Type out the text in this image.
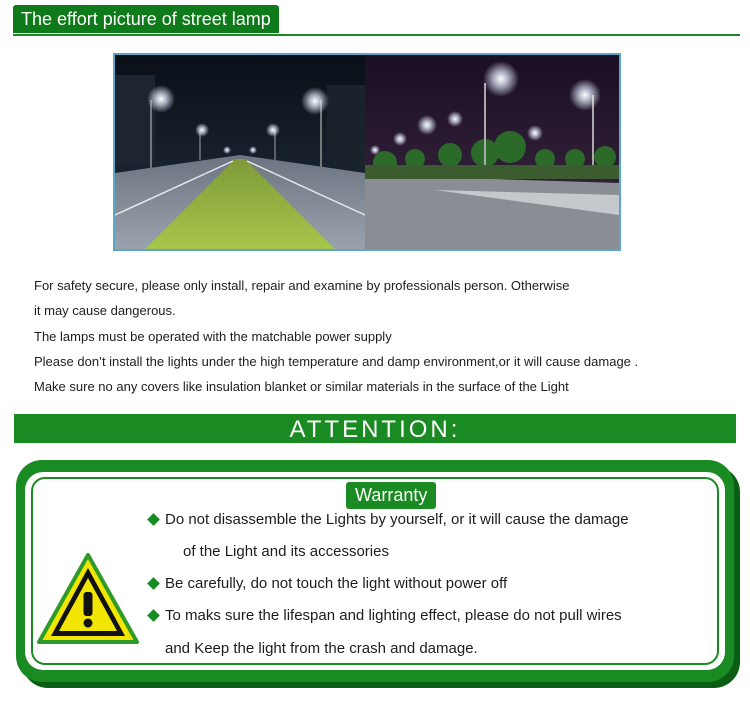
The effort picture of street lamp
For safety secure, please only install, repair and examine by professionals person. Otherwise
it may cause dangerous.
The lamps must be operated with the matchable power supply
Please don’t install the lights under the high temperature and damp environment,or it will cause damage .
Make sure no any covers like insulation blanket or similar materials in the surface of the Light
ATTENTION:
Warranty
Do not disassemble the Lights by yourself, or it will cause the damage
of the Light and its accessories
Be carefully, do not touch the light without power off
To maks sure the lifespan and lighting effect, please do not pull wires
and Keep the light from the crash and damage.
